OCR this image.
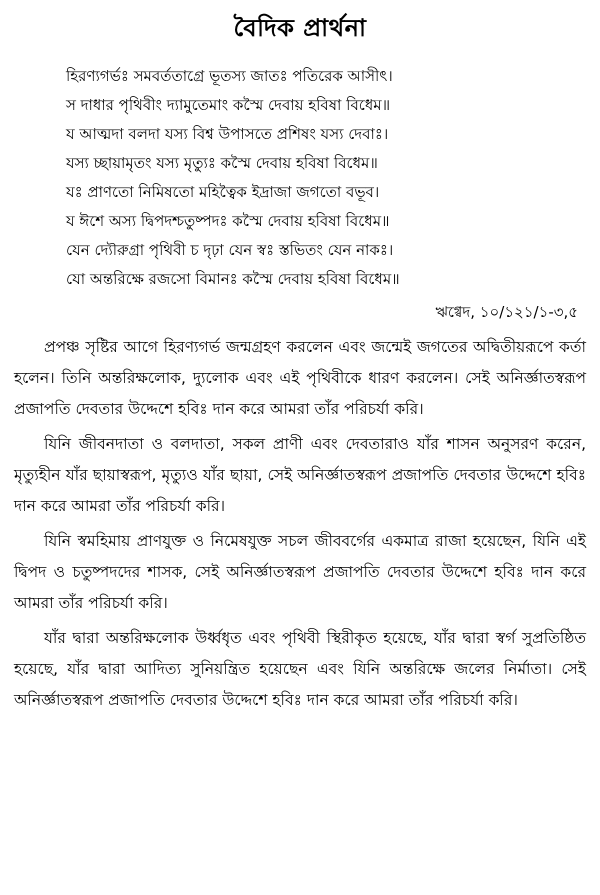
বৈদিক প্রার্থনা
হিরণ্যগর্ভঃ সমবর্ততাগ্রে ভূতস্য জাতঃ পতিরেক আসীৎ।
স দাধার পৃথিবীং দ্যামুতেমাং কস্মৈ দেবায় হবিষা বিধেম॥
য আত্মদা বলদা যস্য বিশ্ব উপাসতে প্রশিষং যস্য দেবাঃ।
যস্য চ্ছায়ামৃতং যস্য মৃত্যুঃ কস্মৈ দেবায় হবিষা বিধেম॥
যঃ প্রাণতো নিমিষতো মহিত্বৈক ইদ্রাজা জগতো বভূব।
য ঈশে অস্য দ্বিপদশ্চতুষ্পদঃ কস্মৈ দেবায় হবিষা বিধেম॥
যেন দ্যৌরুগ্রা পৃথিবী চ দৃঢ়া যেন স্বঃ স্তভিতং যেন নাকঃ।
যো অন্তরিক্ষে রজসো বিমানঃ কস্মৈ দেবায় হবিষা বিধেম॥
ঋগ্বেদ, ১০/১২১/১-৩,৫

প্রপঞ্চ সৃষ্টির আগে হিরণ্যগর্ভ জন্মগ্রহণ করলেন এবং জন্মেই জগতের অদ্বিতীয়রূপে কর্তা হলেন। তিনি অন্তরিক্ষলোক, দ্যুলোক এবং এই পৃথিবীকে ধারণ করলেন। সেই অনির্জ্ঞাতস্বরূপ প্রজাপতি দেবতার উদ্দেশে হবিঃ দান করে আমরা তাঁর পরিচর্যা করি।

যিনি জীবনদাতা ও বলদাতা, সকল প্রাণী এবং দেবতারাও যাঁর শাসন অনুসরণ করেন, মৃত্যুহীন যাঁর ছায়াস্বরূপ, মৃত্যুও যাঁর ছায়া, সেই অনির্জ্ঞাতস্বরূপ প্রজাপতি দেবতার উদ্দেশে হবিঃ দান করে আমরা তাঁর পরিচর্যা করি।

যিনি স্বমহিমায় প্রাণযুক্ত ও নিমেষযুক্ত সচল জীববর্গের একমাত্র রাজা হয়েছেন, যিনি এই দ্বিপদ ও চতুষ্পদদের শাসক, সেই অনির্জ্ঞাতস্বরূপ প্রজাপতি দেবতার উদ্দেশে হবিঃ দান করে আমরা তাঁর পরিচর্যা করি।

যাঁর দ্বারা অন্তরিক্ষলোক উর্ধ্বধৃত এবং পৃথিবী স্থিরীকৃত হয়েছে, যাঁর দ্বারা স্বর্গ সুপ্রতিষ্ঠিত হয়েছে, যাঁর দ্বারা আদিত্য সুনিয়ন্ত্রিত হয়েছেন এবং যিনি অন্তরিক্ষে জলের নির্মাতা। সেই অনির্জ্ঞাতস্বরূপ প্রজাপতি দেবতার উদ্দেশে হবিঃ দান করে আমরা তাঁর পরিচর্যা করি।
